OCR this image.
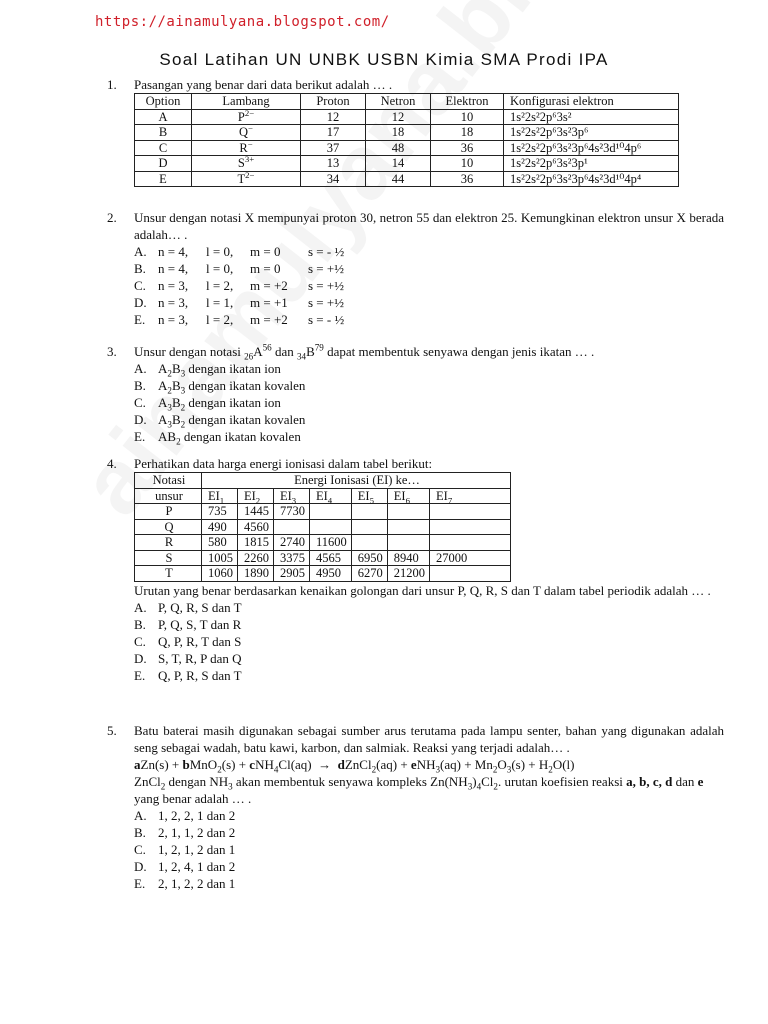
https://ainamulyana.blogspot.com/
Soal Latihan UN UNBK USBN Kimia SMA Prodi IPA
1.	Pasangan yang benar dari data berikut adalah … .
Option	Lambang	Proton	Netron	Elektron	Konfigurasi elektron
A	$P^{2-}$	12	12	10	1s²2s²2p⁶3s²
B	Q−	17	18	18	1s²2s²2p⁶3s²3p⁶
C	R−	37	48	36	1s²2s²2p⁶3s²3p⁶4s²3d¹⁰4p⁶
D	$S^{3+}$	13	14	10	1s²2s²2p⁶3s²3p¹
E	$T^{2-}$	34	44	36	1s²2s²2p⁶3s²3p⁶4s²3d¹⁰4p⁴
2.	Unsur dengan notasi X mempunyai proton 30, netron 55 dan elektron 25. Kemungkinan elektron unsur X berada adalah… .
A. n = 4,	l = 0,	m = 0	s = - ½
B. n = 4,	l = 0,	m = 0	s = +½
C. n = 3,	l = 2,	m = +2	s = +½
D. n = 3,	l = 1,	m = +1	s = +½
E. n = 3,	l = 2,	m = +2	s = - ½
3.	Unsur dengan notasi $_{26}A^{56}$ dan $_{34}B^{79}$ dapat membentuk senyawa dengan jenis ikatan … .
A. $A_2B_3$ dengan ikatan ion
B. $A_2B_3$ dengan ikatan kovalen
C. $A_3B_2$ dengan ikatan ion
D. $A_3B_2$ dengan ikatan kovalen
E. $AB_2$ dengan ikatan kovalen
4.	Perhatikan data harga energi ionisasi dalam tabel berikut:
Notasi	Energi Ionisasi (EI) ke…						
unsur	$EI_1$	$EI_2$	$EI_3$	$EI_4$	$EI_5$	$EI_6$	$EI_7$
P	735	1445	7730				
Q	490	4560					
R	580	1815	2740	11600			
S	1005	2260	3375	4565	6950	8940	27000
T	1060	1890	2905	4950	6270	21200	
Urutan yang benar berdasarkan kenaikan golongan dari unsur P, Q, R, S dan T dalam tabel periodik adalah … .
A. P, Q, R, S dan T
B. P, Q, S, T dan R
C. Q, P, R, T dan S
D. S, T, R, P dan Q
E. Q, P, R, S dan T
5.	Batu baterai masih digunakan sebagai sumber arus terutama pada lampu senter, bahan yang digunakan adalah seng sebagai wadah, batu kawi, karbon, dan salmiak. Reaksi yang terjadi adalah… .
aZn(s) + bMnO$_2$(s) + cNH$_4$Cl(aq)  →  dZnCl$_2$(aq) + $eNH_3(aq) + Mn_2O_3(s) + H_2O(l)$
ZnCl$_2$ dengan $NH_3$ akan membentuk senyawa kompleks $Zn(NH_3)_4Cl_2$. urutan koefisien reaksi a, b, c, d dan e yang benar adalah … .
A. 1, 2, 2, 1 dan 2
B. 2, 1, 1, 2 dan 2
C. 1, 2, 1, 2 dan 1
D. 1, 2, 4, 1 dan 2
E. 2, 1, 2, 2 dan 1
